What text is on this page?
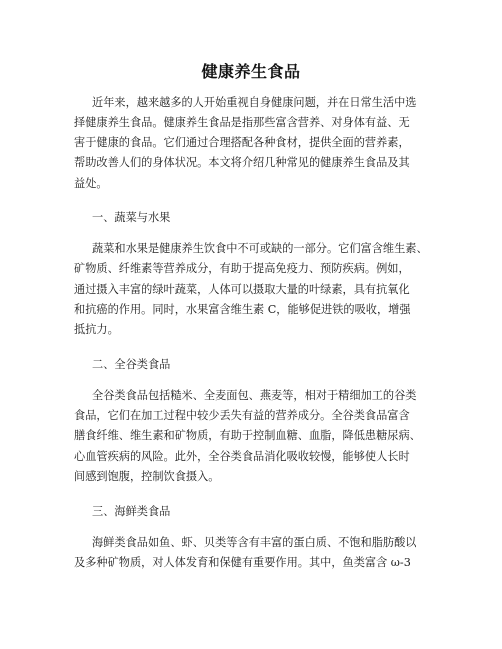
健康养生食品
近年来，越来越多的人开始重视自身健康问题，并在日常生活中选
择健康养生食品。健康养生食品是指那些富含营养、对身体有益、无
害于健康的食品。它们通过合理搭配各种食材，提供全面的营养素，
帮助改善人们的身体状况。本文将介绍几种常见的健康养生食品及其
益处。
一、蔬菜与水果
蔬菜和水果是健康养生饮食中不可或缺的一部分。它们富含维生素、
矿物质、纤维素等营养成分，有助于提高免疫力、预防疾病。例如，
通过摄入丰富的绿叶蔬菜，人体可以摄取大量的叶绿素，具有抗氧化
和抗癌的作用。同时，水果富含维生素 C，能够促进铁的吸收，增强
抵抗力。
二、全谷类食品
全谷类食品包括糙米、全麦面包、燕麦等，相对于精细加工的谷类
食品，它们在加工过程中较少丢失有益的营养成分。全谷类食品富含
膳食纤维、维生素和矿物质，有助于控制血糖、血脂，降低患糖尿病、
心血管疾病的风险。此外，全谷类食品消化吸收较慢，能够使人长时
间感到饱腹，控制饮食摄入。
三、海鲜类食品
海鲜类食品如鱼、虾、贝类等含有丰富的蛋白质、不饱和脂肪酸以
及多种矿物质，对人体发育和保健有重要作用。其中，鱼类富含 ω-3
